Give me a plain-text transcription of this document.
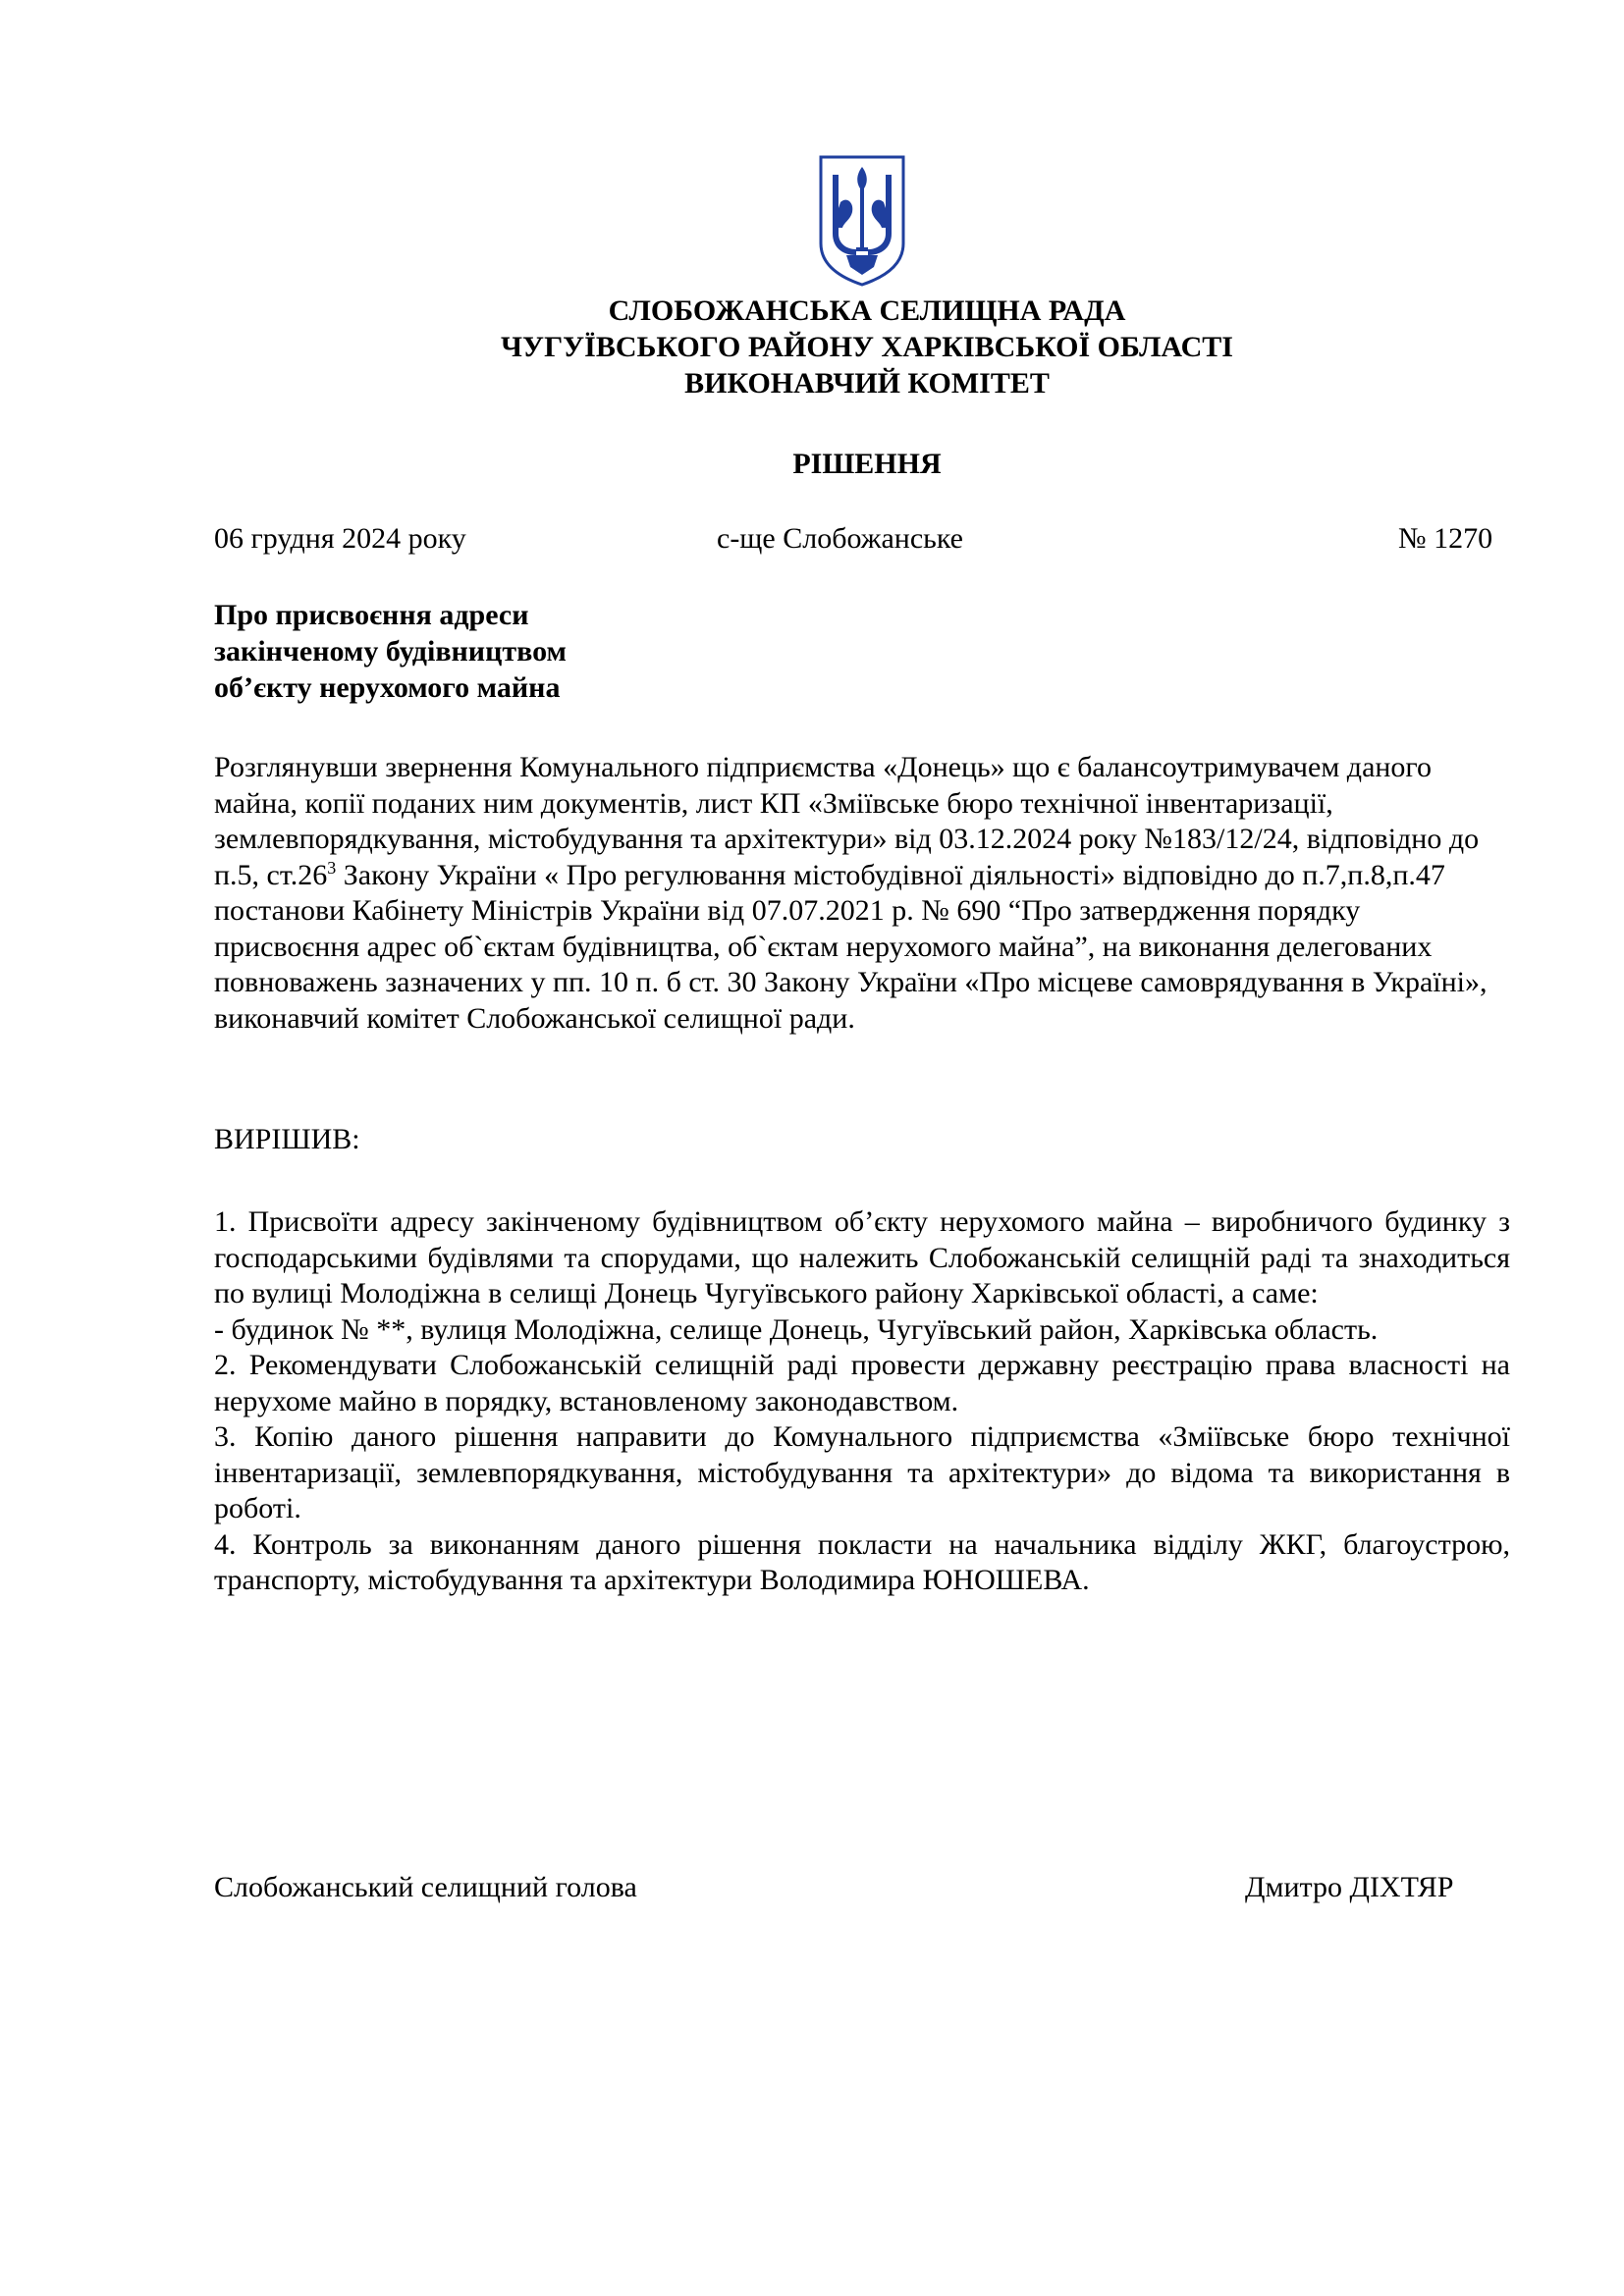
СЛОБОЖАНСЬКА СЕЛИЩНА РАДА
ЧУГУЇВСЬКОГО РАЙОНУ ХАРКІВСЬКОЇ ОБЛАСТІ
ВИКОНАВЧИЙ КОМІТЕТ
РІШЕННЯ
06 грудня 2024 року	с-ще Слобожанське	№ 1270
Про присвоєння адреси
закінченому будівництвом
об’єкту нерухомого майна

Розглянувши звернення Комунального підприємства «Донець» що є балансоутримувачем даного майна, копії поданих ним документів, лист КП «Зміївське бюро технічної інвентаризації, землевпорядкування, містобудування та архітектури» від 03.12.2024 року №183/12/24, відповідно до п.5, $ст.26^3$ Закону України « Про регулювання містобудівної діяльності» відповідно до п.7,п.8,п.47 постанови Кабінету Міністрів України від 07.07.2021 р. № 690 “Про затвердження порядку присвоєння адрес об`єктам будівництва, об`єктам нерухомого майна”, на виконання делегованих повноважень зазначених у пп. 10 п. б ст. 30 Закону України «Про місцеве самоврядування в Україні», виконавчий комітет Слобожанської селищної ради.

ВИРІШИВ:

1. Присвоїти адресу закінченому будівництвом об’єкту нерухомого майна – виробничого будинку з господарськими будівлями та спорудами, що належить Слобожанській селищній раді та знаходиться по вулиці Молодіжна в селищі Донець Чугуївського району Харківської області, а саме:

- будинок № **, вулиця Молодіжна, селище Донець, Чугуївський район, Харківська область.

2. Рекомендувати Слобожанській селищній раді провести державну реєстрацію права власності на нерухоме майно в порядку, встановленому законодавством.

3. Копію даного рішення направити до Комунального підприємства «Зміївське бюро технічної інвентаризації, землевпорядкування, містобудування та архітектури» до відома та використання в роботі.

4. Контроль за виконанням даного рішення покласти на начальника відділу ЖКГ, благоустрою, транспорту, містобудування та архітектури Володимира ЮНОШЕВА.

Слобожанський селищний голова	Дмитро ДІХТЯР
